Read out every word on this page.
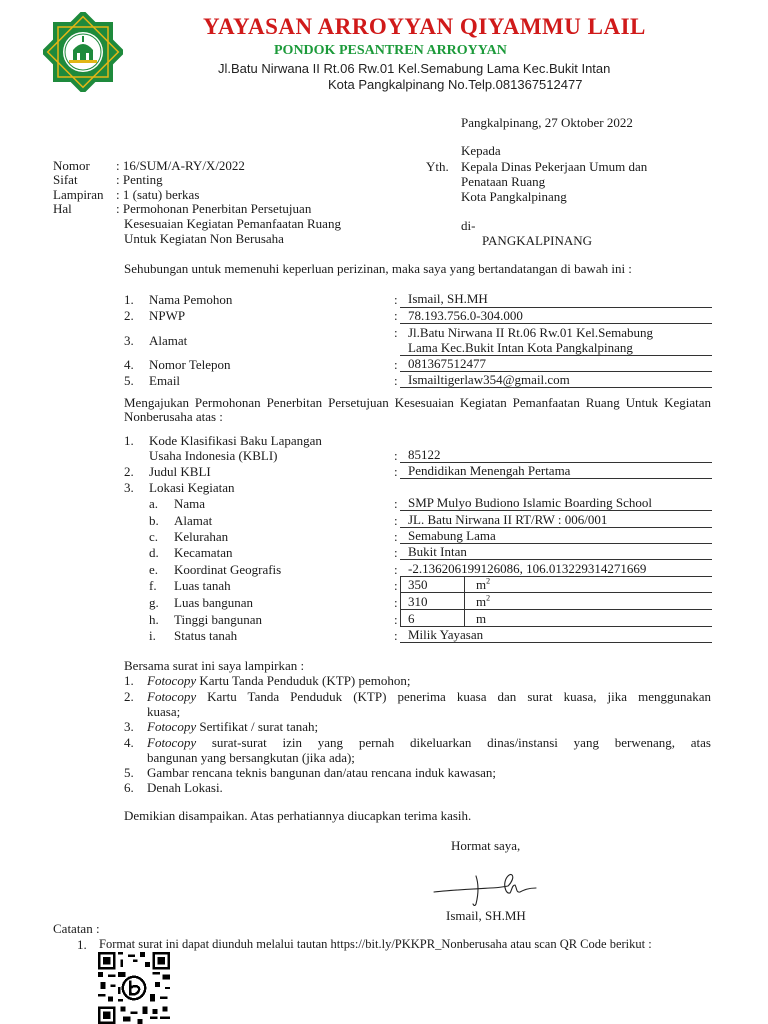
YAYASAN ARROYYAN QIYAMMU LAIL
PONDOK PESANTREN ARROYYAN
Jl.Batu Nirwana II Rt.06 Rw.01 Kel.Semabung Lama Kec.Bukit Intan
Kota Pangkalpinang No.Telp.081367512477
Pangkalpinang, 27 Oktober 2022
Kepada
Yth. Kepala Dinas Pekerjaan Umum dan
Penataan Ruang
Kota Pangkalpinang
di-
PANGKALPINANG
Nomor : 16/SUM/A-RY/X/2022
Sifat	: Penting
Lampiran : 1 (satu) berkas
Hal	: Permohonan Penerbitan Persetujuan
Kesesuaian Kegiatan Pemanfaatan Ruang
Untuk Kegiatan Non Berusaha
Sehubungan untuk memenuhi keperluan perizinan, maka saya yang bertandatangan di bawah ini :
1. Nama Pemohon	: Ismail, SH.MH
2. NPWP	: 78.193.756.0-304.000
3. Alamat
: Jl.Batu Nirwana II Rt.06 Rw.01 Kel.Semabung
Lama Kec.Bukit Intan Kota Pangkalpinang
4. Nomor Telepon	: 081367512477
5. Email	: Ismailtigerlaw354@gmail.com
Mengajukan Permohonan Penerbitan Persetujuan Kesesuaian Kegiatan Pemanfaatan Ruang Untuk Kegiatan Nonberusaha atas :
1. Kode Klasifikasi Baku Lapangan
Usaha Indonesia (KBLI)	: 85122
2. Judul KBLI	: Pendidikan Menengah Pertama
3. Lokasi Kegiatan
a. Nama	: SMP Mulyo Budiono Islamic Boarding School
b. Alamat	: JL. Batu Nirwana II RT/RW : 006/001
c. Kelurahan	: Semabung Lama
d. Kecamatan	: Bukit Intan
e. Koordinat Geografis	: -2.136206199126086, 106.013229314271669
f. Luas tanah	: 350	$m^2$
g. Luas bangunan	: 310	$m^2$
h. Tinggi bangunan	: 6	m
i. Status tanah	: Milik Yayasan
Bersama surat ini saya lampirkan :
1. Fotocopy Kartu Tanda Penduduk (KTP) pemohon;
2. Fotocopy Kartu Tanda Penduduk (KTP) penerima kuasa dan surat kuasa, jika menggunakan
kuasa;
3. Fotocopy Sertifikat / surat tanah;
4. Fotocopy surat-surat izin yang pernah dikeluarkan dinas/instansi yang berwenang, atas
bangunan yang bersangkutan (jika ada);
5. Gambar rencana teknis bangunan dan/atau rencana induk kawasan;
6. Denah Lokasi.
Demikian disampaikan. Atas perhatiannya diucapkan terima kasih.
Hormat saya,
Ismail, SH.MH
Catatan :
1. Format surat ini dapat diunduh melalui tautan https://bit.ly/PKKPR_Nonberusaha atau scan QR Code berikut :
